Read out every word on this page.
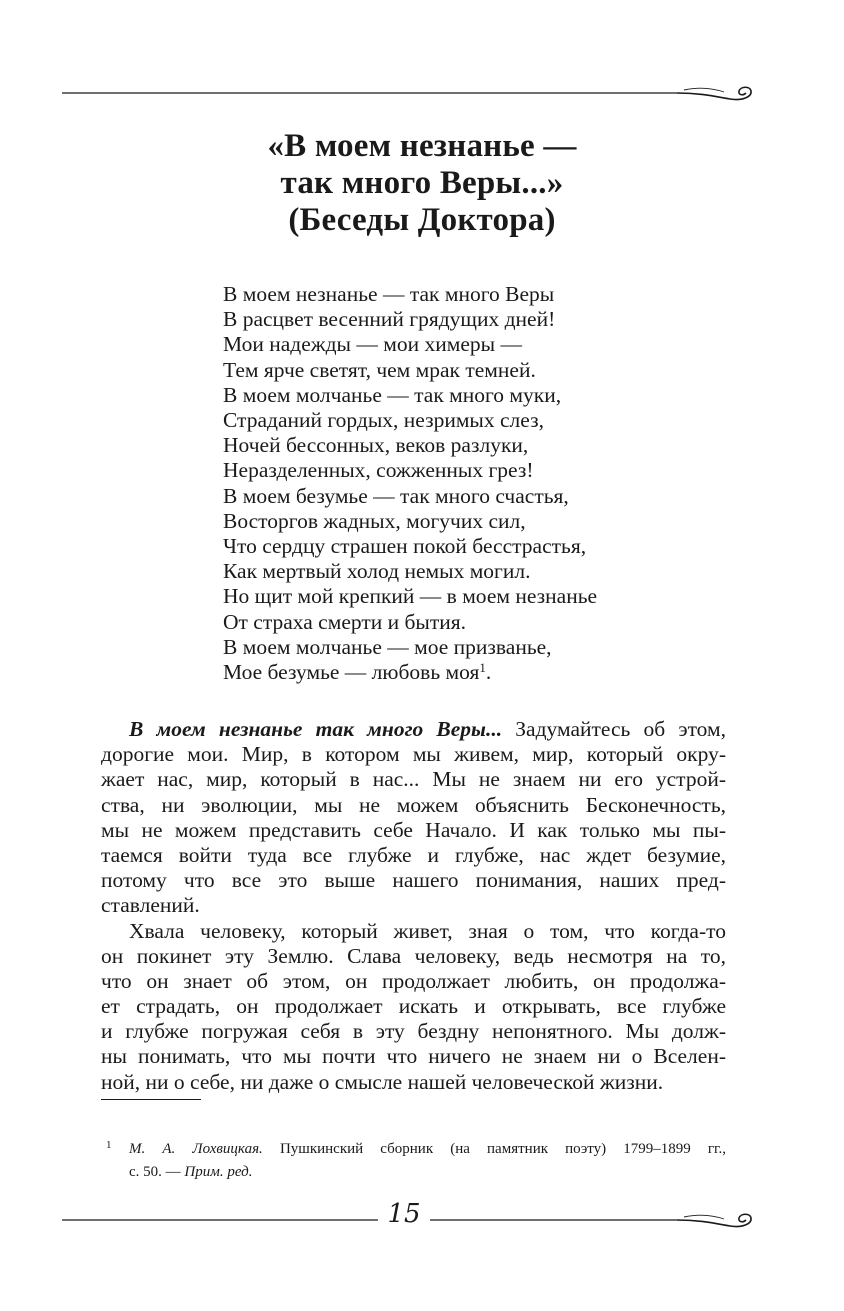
«В моем незнанье —
так много Веры...»
(Беседы Доктора)
В моем незнанье — так много Веры
В расцвет весенний грядущих дней!
Мои надежды — мои химеры —
Тем ярче светят, чем мрак темней.
В моем молчанье — так много муки,
Страданий гордых, незримых слез,
Ночей бессонных, веков разлуки,
Неразделенных, сожженных грез!
В моем безумье — так много счастья,
Восторгов жадных, могучих сил,
Что сердцу страшен покой бесстрастья,
Как мертвый холод немых могил.
Но щит мой крепкий — в моем незнанье
От страха смерти и бытия.
В моем молчанье — мое призванье,
Мое безумье — любовь моя$^1$.
В моем незнанье так много Веры... Задумайтесь об этом,
дорогие мои. Мир, в котором мы живем, мир, который окру-
жает нас, мир, который в нас... Мы не знаем ни его устрой-
ства, ни эволюции, мы не можем объяснить Бесконечность,
мы не можем представить себе Начало. И как только мы пы-
таемся войти туда все глубже и глубже, нас ждет безумие,
потому что все это выше нашего понимания, наших пред-
ставлений.
Хвала человеку, который живет, зная о том, что когда-то
он покинет эту Землю. Слава человеку, ведь несмотря на то,
что он знает об этом, он продолжает любить, он продолжа-
ет страдать, он продолжает искать и открывать, все глубже
и глубже погружая себя в эту бездну непонятного. Мы долж-
ны понимать, что мы почти что ничего не знаем ни о Вселен-
ной, ни о себе, ни даже о смысле нашей человеческой жизни.
1 М. А. Лохвицкая. Пушкинский сборник (на памятник поэту) 1799–1899 гг.,
с. 50. — Прим. ред.
15
